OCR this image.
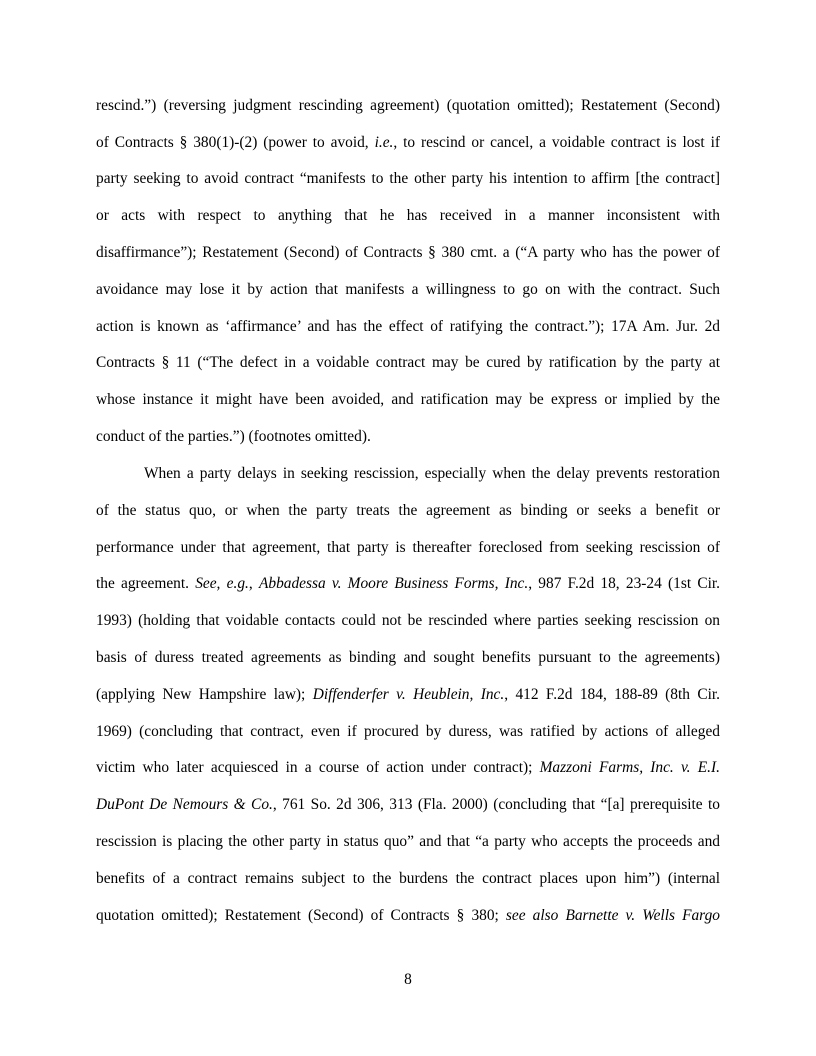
rescind.”) (reversing judgment rescinding agreement) (quotation omitted); Restatement (Second)
of Contracts § 380(1)-(2) (power to avoid, i.e., to rescind or cancel, a voidable contract is lost if
party seeking to avoid contract “manifests to the other party his intention to affirm [the contract]
or acts with respect to anything that he has received in a manner inconsistent with
disaffirmance”); Restatement (Second) of Contracts § 380 cmt. a (“A party who has the power of
avoidance may lose it by action that manifests a willingness to go on with the contract. Such
action is known as ‘affirmance’ and has the effect of ratifying the contract.”); 17A Am. Jur. 2d
Contracts § 11 (“The defect in a voidable contract may be cured by ratification by the party at
whose instance it might have been avoided, and ratification may be express or implied by the
conduct of the parties.”) (footnotes omitted).
When a party delays in seeking rescission, especially when the delay prevents restoration
of the status quo, or when the party treats the agreement as binding or seeks a benefit or
performance under that agreement, that party is thereafter foreclosed from seeking rescission of
the agreement. See, e.g., Abbadessa v. Moore Business Forms, Inc., 987 F.2d 18, 23-24 (1st Cir.
1993) (holding that voidable contacts could not be rescinded where parties seeking rescission on
basis of duress treated agreements as binding and sought benefits pursuant to the agreements)
(applying New Hampshire law); Diffenderfer v. Heublein, Inc., 412 F.2d 184, 188-89 (8th Cir.
1969) (concluding that contract, even if procured by duress, was ratified by actions of alleged
victim who later acquiesced in a course of action under contract); Mazzoni Farms, Inc. v. E.I.
DuPont De Nemours & Co., 761 So. 2d 306, 313 (Fla. 2000) (concluding that “[a] prerequisite to
rescission is placing the other party in status quo” and that “a party who accepts the proceeds and
benefits of a contract remains subject to the burdens the contract places upon him”) (internal
quotation omitted); Restatement (Second) of Contracts § 380; see also Barnette v. Wells Fargo
8
